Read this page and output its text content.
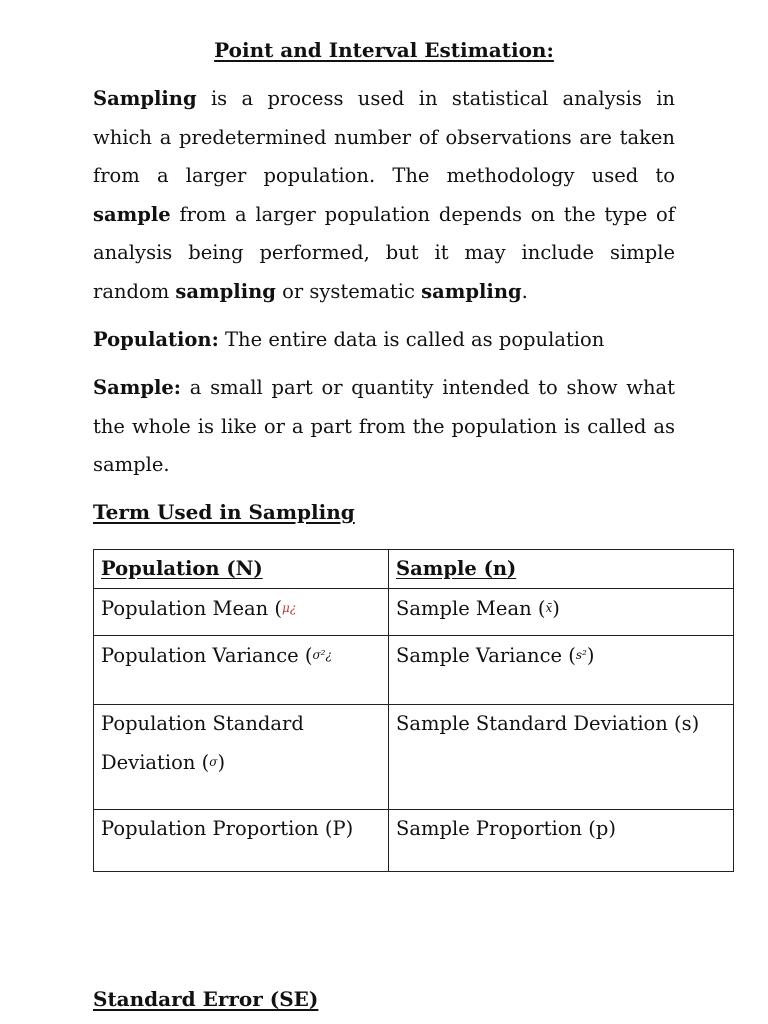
Point and Interval Estimation:
Sampling is a process used in statistical analysis in which a predetermined number of observations are taken from a larger population. The methodology used to sample from a larger population depends on the type of analysis being performed, but it may include simple random sampling or systematic sampling.
Population: The entire data is called as population
Sample: a small part or quantity intended to show what the whole is like or a part from the population is called as sample.
Term Used in Sampling
Population (N)	Sample (n)
Population Mean (μ¿	Sample Mean (x̄)
Population Variance (σ²¿	Sample Variance (s²)
Population Standard Deviation (σ)	Sample Standard Deviation (s)
Population Proportion (P)	Sample Proportion (p)
Standard Error (SE)
